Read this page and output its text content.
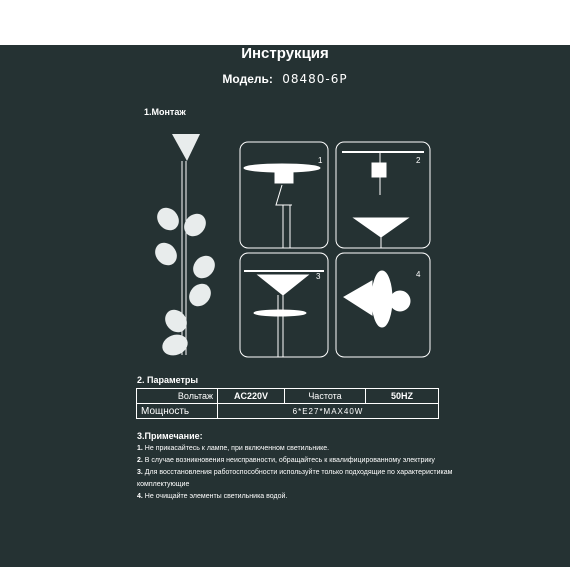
Инструкция
Модель: 08480-6P
1.Монтаж
1	2
3	4
2. Параметры
Вольтаж	AC220V	Частота	50HZ
Мощность	6*E27*MAX40W		
3.Примечание:
1. Не прикасайтесь к лампе, при включенном светильнике.
2. В случае возникновения неисправности, обращайтесь к квалифицированному электрику
3. Для восстановления работоспособности используйте только подходящие по характеристикам комплектующие
4. Не очищайте элементы светильника водой.
